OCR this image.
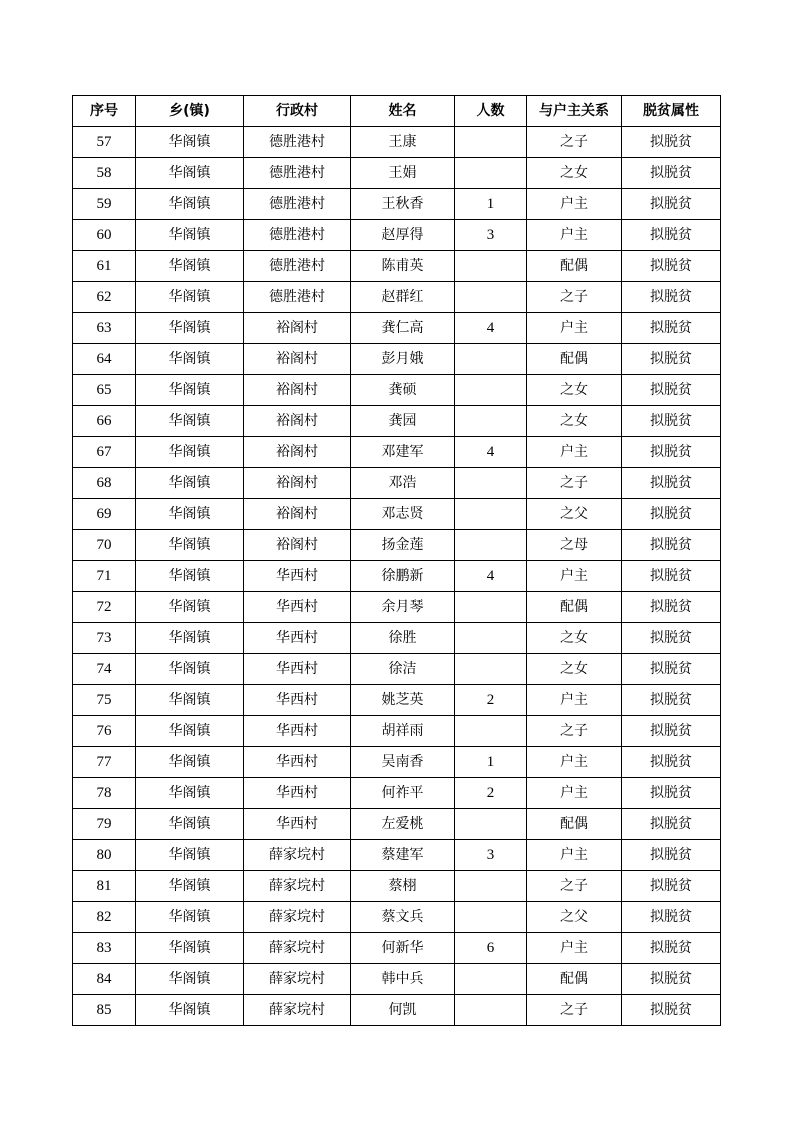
序号	乡(镇)	行政村	姓名	人数	与户主关系	脱贫属性
57	华阁镇	德胜港村	王康		之子	拟脱贫
58	华阁镇	德胜港村	王娟		之女	拟脱贫
59	华阁镇	德胜港村	王秋香	1	户主	拟脱贫
60	华阁镇	德胜港村	赵厚得	3	户主	拟脱贫
61	华阁镇	德胜港村	陈甫英		配偶	拟脱贫
62	华阁镇	德胜港村	赵群红		之子	拟脱贫
63	华阁镇	裕阁村	龚仁高	4	户主	拟脱贫
64	华阁镇	裕阁村	彭月娥		配偶	拟脱贫
65	华阁镇	裕阁村	龚硕		之女	拟脱贫
66	华阁镇	裕阁村	龚园		之女	拟脱贫
67	华阁镇	裕阁村	邓建军	4	户主	拟脱贫
68	华阁镇	裕阁村	邓浩		之子	拟脱贫
69	华阁镇	裕阁村	邓志贤		之父	拟脱贫
70	华阁镇	裕阁村	扬金莲		之母	拟脱贫
71	华阁镇	华西村	徐鹏新	4	户主	拟脱贫
72	华阁镇	华西村	余月琴		配偶	拟脱贫
73	华阁镇	华西村	徐胜		之女	拟脱贫
74	华阁镇	华西村	徐洁		之女	拟脱贫
75	华阁镇	华西村	姚芝英	2	户主	拟脱贫
76	华阁镇	华西村	胡祥雨		之子	拟脱贫
77	华阁镇	华西村	吴南香	1	户主	拟脱贫
78	华阁镇	华西村	何祚平	2	户主	拟脱贫
79	华阁镇	华西村	左爱桃		配偶	拟脱贫
80	华阁镇	薛家垸村	蔡建军	3	户主	拟脱贫
81	华阁镇	薛家垸村	蔡栩		之子	拟脱贫
82	华阁镇	薛家垸村	蔡文兵		之父	拟脱贫
83	华阁镇	薛家垸村	何新华	6	户主	拟脱贫
84	华阁镇	薛家垸村	韩中兵		配偶	拟脱贫
85	华阁镇	薛家垸村	何凯		之子	拟脱贫
